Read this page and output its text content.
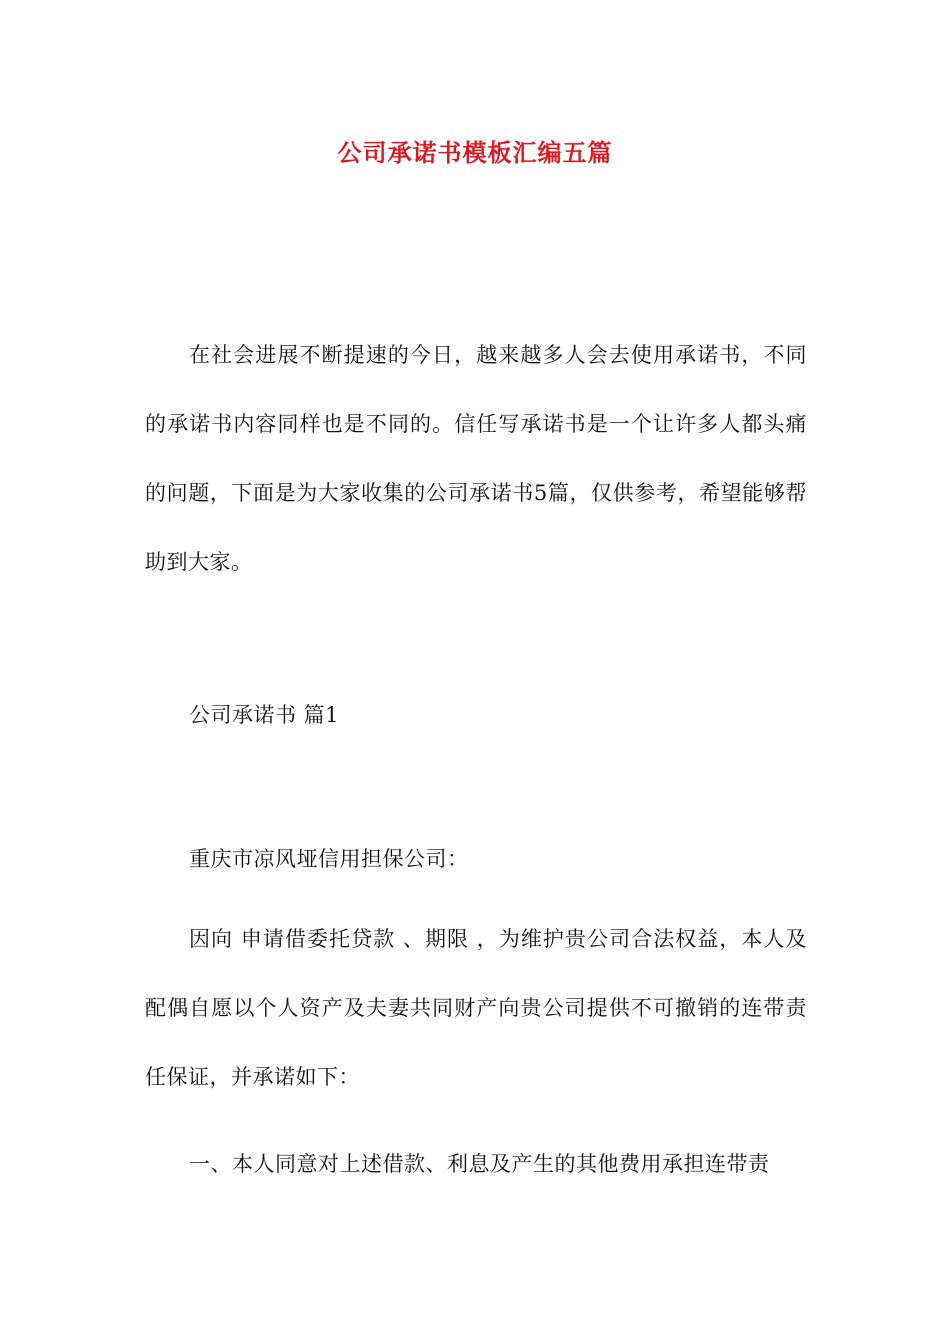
公司承诺书模板汇编五篇

在社会进展不断提速的今日，越来越多人会去使用承诺书，不同的承诺书内容同样也是不同的。信任写承诺书是一个让许多人都头痛的问题，下面是为大家收集的公司承诺书5篇，仅供参考，希望能够帮助到大家。

公司承诺书 篇1

重庆市凉风垭信用担保公司：

因向 申请借委托贷款 、期限 ，为维护贵公司合法权益，本人及配偶自愿以个人资产及夫妻共同财产向贵公司提供不可撤销的连带责任保证，并承诺如下：

一、本人同意对上述借款、利息及产生的其他费用承担连带责
